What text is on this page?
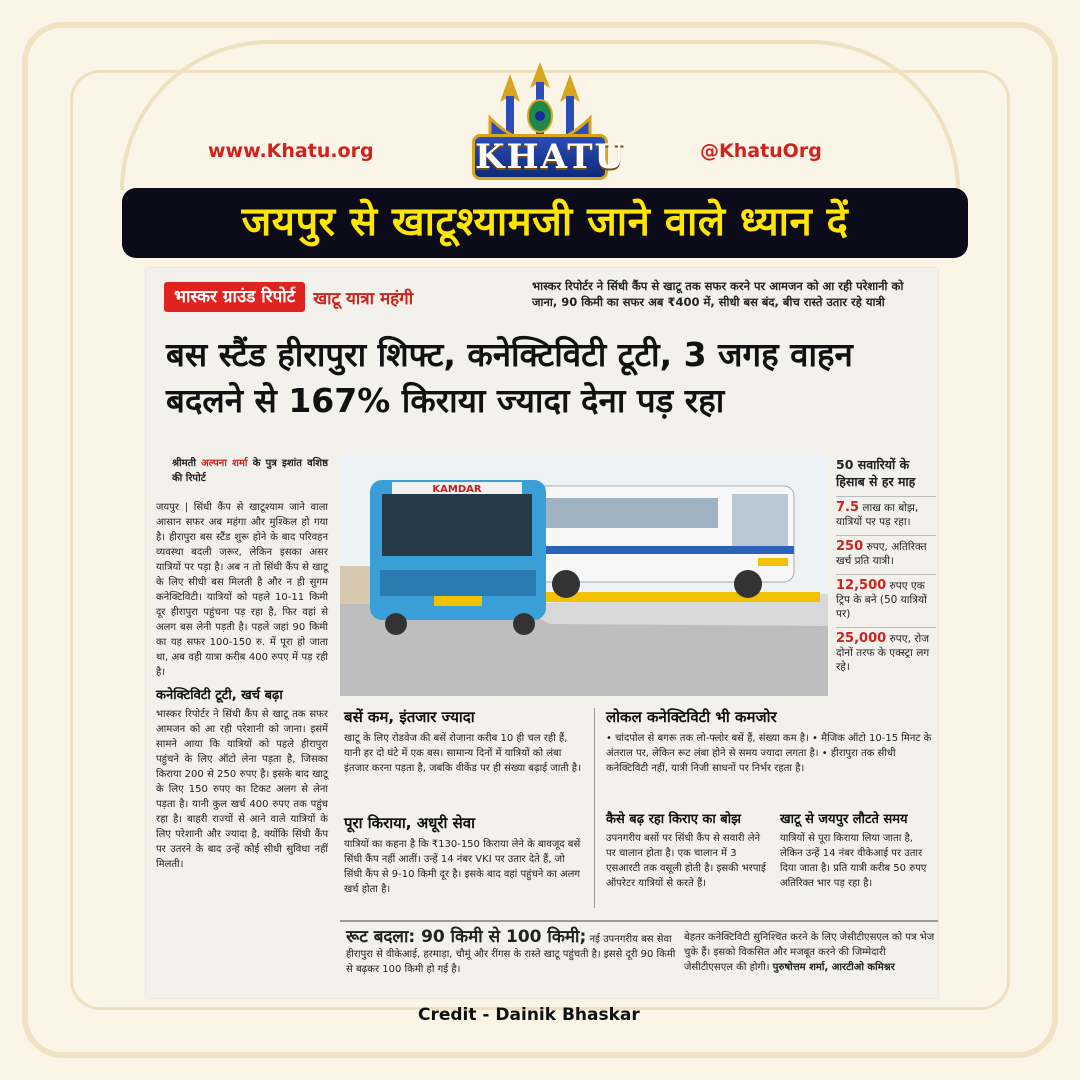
KHATU
www.Khatu.org	@KhatuOrg
जयपुर से खाटूश्यामजी जाने वाले ध्यान दें
भास्कर ग्राउंड रिपोर्ट	खाटू यात्रा महंगी
भास्कर रिपोर्टर ने सिंधी कैंप से खाटू तक सफर करने पर आमजन को आ रही परेशानी को जाना, 90 किमी का सफर अब ₹400 में, सीधी बस बंद, बीच रास्ते उतार रहे यात्री
बस स्टैंड हीरापुरा शिफ्ट, कनेक्टिविटी टूटी, 3 जगह वाहन बदलने से 167% किराया ज्यादा देना पड़ रहा
श्रीमती अल्पना शर्मा के पुत्र इशांत वशिष्ठ की रिपोर्ट

जयपुर | सिंधी कैंप से खाटूश्याम जाने वाला आसान सफर अब महंगा और मुश्किल हो गया है। हीरापुरा बस स्टैंड शुरू होने के बाद परिवहन व्यवस्था बदली जरूर, लेकिन इसका असर यात्रियों पर पड़ा है। अब न तो सिंधी कैंप से खाटू के लिए सीधी बस मिलती है और न ही सुगम कनेक्टिविटी। यात्रियों को पहले 10-11 किमी दूर हीरापुरा पहुंचना पड़ रहा है, फिर वहां से अलग बस लेनी पड़ती है। पहले जहां 90 किमी का यह सफर 100-150 रु. में पूरा हो जाता था, अब वही यात्रा करीब 400 रुपए में पड़ रही है।

कनेक्टिविटी टूटी, खर्च बढ़ा

भास्कर रिपोर्टर ने सिंधी कैंप से खाटू तक सफर आमजन को आ रही परेशानी को जाना। इसमें सामने आया कि यात्रियों को पहले हीरापुरा पहुंचने के लिए ऑटो लेना पड़ता है, जिसका किराया 200 से 250 रुपए है। इसके बाद खाटू के लिए 150 रुपए का टिकट अलग से लेना पड़ता है। यानी कुल खर्च 400 रुपए तक पहुंच रहा है। बाहरी राज्यों से आने वाले यात्रियों के लिए परेशानी और ज्यादा है, क्योंकि सिंधी कैंप पर उतरने के बाद उन्हें कोई सीधी सुविधा नहीं मिलती।

KAMDAR
50 सवारियों के हिसाब से हर माह
7.5 लाख का बोझ, यात्रियों पर पड़ रहा।
250 रुपए, अतिरिक्त खर्च प्रति यात्री।
12,500 रुपए एक ट्रिप के बने (50 यात्रियों पर)
25,000 रुपए, रोज दोनों तरफ के एक्स्ट्रा लग रहे।
बसें कम, इंतजार ज्यादा

खाटू के लिए रोडवेज की बसें रोजाना करीब 10 ही चल रही हैं, यानी हर दो घंटे में एक बस। सामान्य दिनों में यात्रियों को लंबा इंतजार करना पड़ता है, जबकि वीकेंड पर ही संख्या बढ़ाई जाती है।

पूरा किराया, अधूरी सेवा

यात्रियों का कहना है कि ₹130-150 किराया लेने के बावजूद बसें सिंधी कैंप नहीं आतीं। उन्हें 14 नंबर VKI पर उतार देते हैं, जो सिंधी कैंप से 9-10 किमी दूर है। इसके बाद वहां पहुंचने का अलग खर्च होता है।

लोकल कनेक्टिविटी भी कमजोर

• चांदपोल से बगरू तक लो-फ्लोर बसें हैं, संख्या कम है। • मैजिक ऑटो 10-15 मिनट के अंतराल पर, लेकिन रूट लंबा होने से समय ज्यादा लगता है। • हीरापुरा तक सीधी कनेक्टिविटी नहीं, यात्री निजी साधनों पर निर्भर रहता है।

कैसे बढ़ रहा किराए का बोझ

उपनगरीय बसों पर सिंधी कैंप से सवारी लेने पर चालान होता है। एक चालान में 3 एसआरटी तक वसूली होती है। इसकी भरपाई ऑपरेटर यात्रियों से करते हैं।

खाटू से जयपुर लौटते समय

यात्रियों से पूरा किराया लिया जाता है, लेकिन उन्हें 14 नंबर वीकेआई पर उतार दिया जाता है। प्रति यात्री करीब 50 रुपए अतिरिक्त भार पड़ रहा है।

रूट बदला: 90 किमी से 100 किमी; नई उपनगरीय बस सेवा हीरापुरा से वीकेआई, हरमाड़ा, चौमूं और रींगस के रास्ते खाटू पहुंचती है। इससे दूरी 90 किमी से बढ़कर 100 किमी हो गई है।
बेहतर कनेक्टिविटी सुनिश्चित करने के लिए जेसीटीएसएल को पत्र भेज चुके हैं। इसको विकसित और मजबूत करने की जिम्मेदारी जेसीटीएसएल की होगी। पुरुषोत्तम शर्मा, आरटीओ कमिश्नर
Credit - Dainik Bhaskar
